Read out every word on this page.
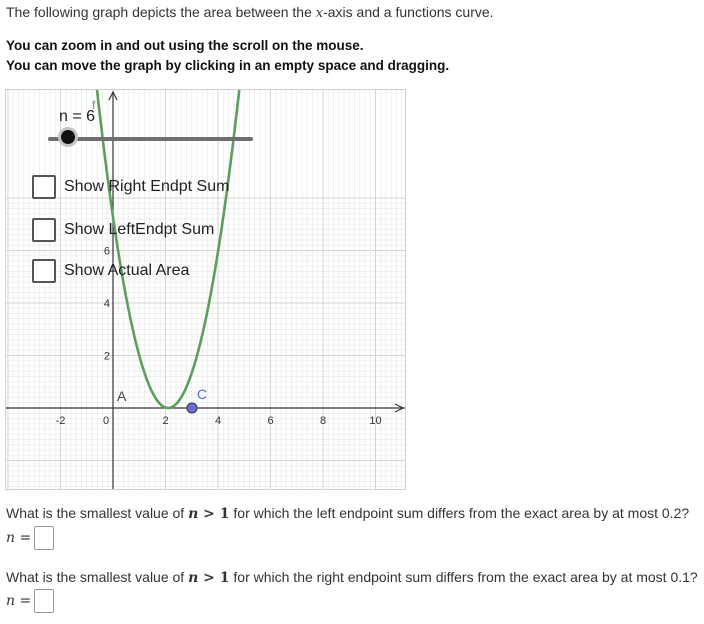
The following graph depicts the area between the x-axis and a functions curve.
You can zoom in and out using the scroll on the mouse.
You can move the graph by clicking in an empty space and dragging.
-2	0	2	4	6	8	10
2
4
6
f
A	C
n = 6
Show Right Endpt Sum
Show LeftEndpt Sum
Show Actual Area
What is the smallest value of n > 1 for which the left endpoint sum differs from the exact area by at most 0.2?
n =
What is the smallest value of n > 1 for which the right endpoint sum differs from the exact area by at most 0.1?
n =
